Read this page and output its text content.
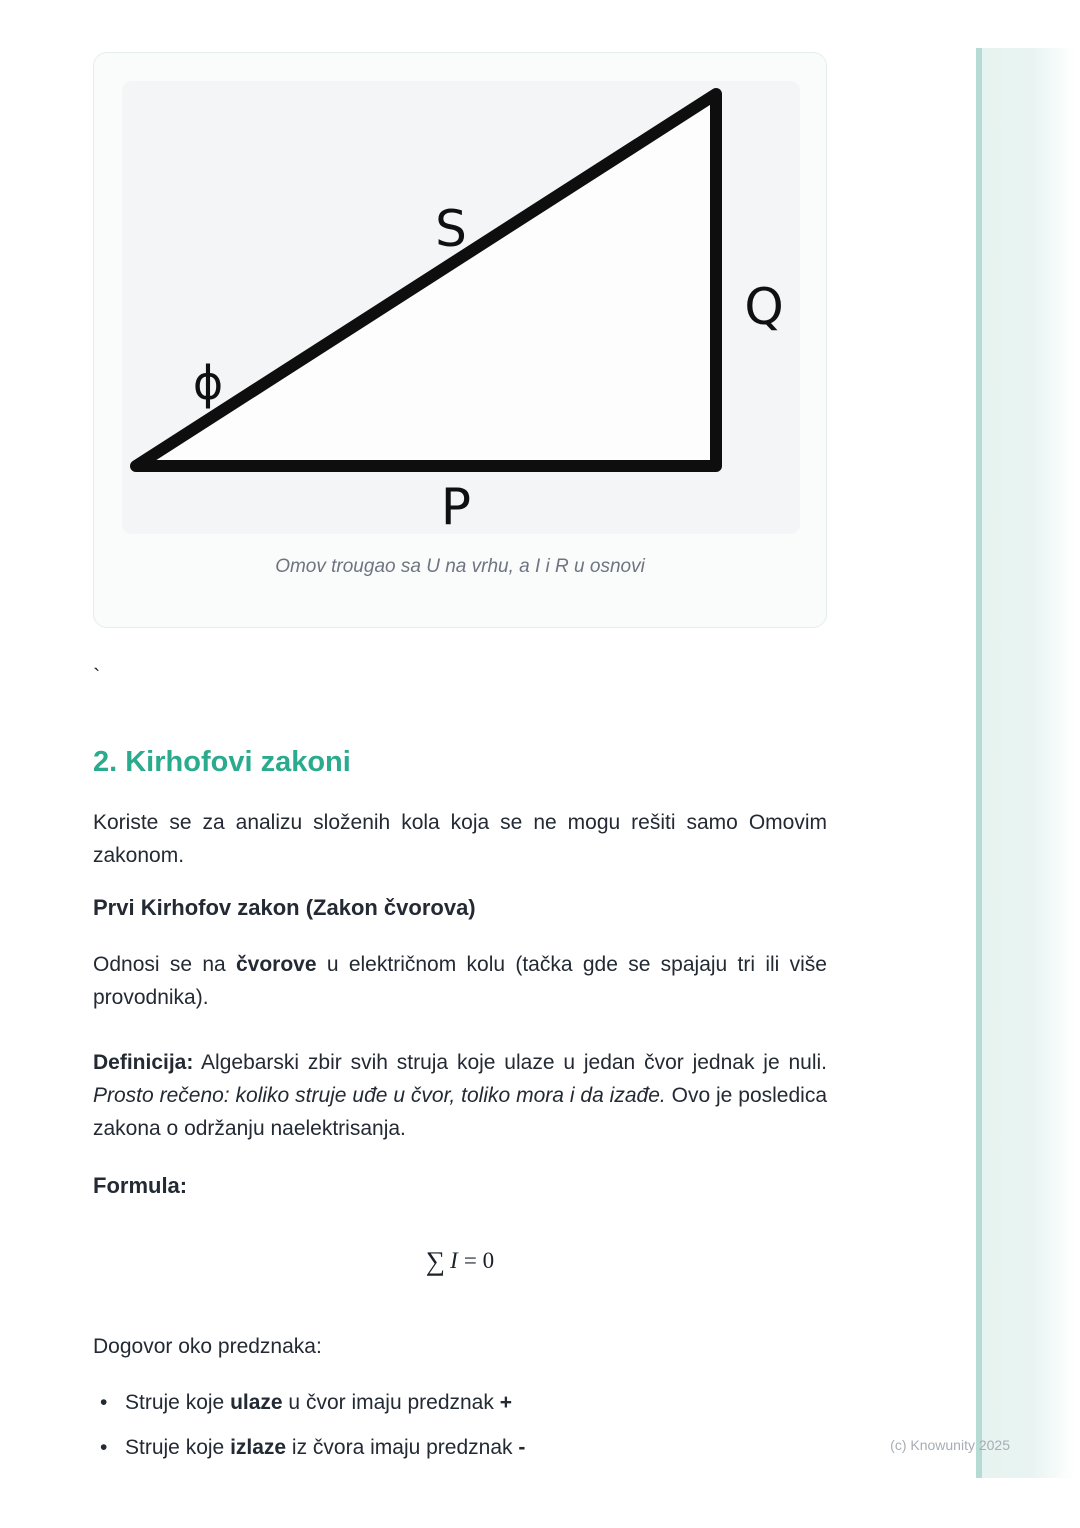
S
Q
P
ϕ
Omov trougao sa U na vrhu, a I i R u osnovi
`
2. Kirhofovi zakoni

Koriste se za analizu složenih kola koja se ne mogu rešiti samo Omovim zakonom.

Prvi Kirhofov zakon (Zakon čvorova)

Odnosi se na čvorove u električnom kolu (tačka gde se spajaju tri ili više provodnika).

Definicija: Algebarski zbir svih struja koje ulaze u jedan čvor jednak je nuli. Prosto rečeno: koliko struje uđe u čvor, toliko mora i da izađe. Ovo je posledica zakona o održanju naelektrisanja.

Formula:

∑ I = 0

Dogovor oko predznaka:

• Struje koje ulaze u čvor imaju predznak +
• Struje koje izlaze iz čvora imaju predznak -	(c) Knowunity 2025
